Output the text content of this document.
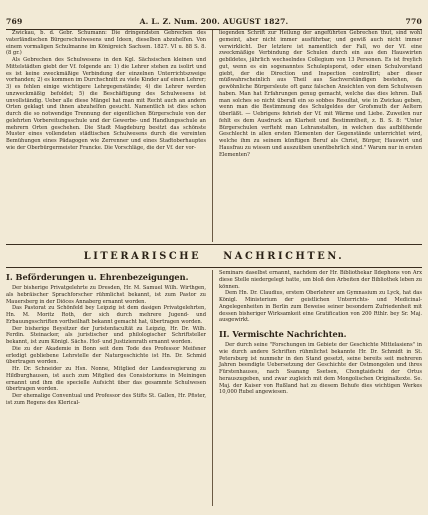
769	A. L. Z. Num. 200. AUGUST 1827.	770

Zwickau, b. d. Gebr. Schumann: Die dringendsten Gebrechen des vaterländischen Bürgerschulwesens und Ideen, dieselben abzuhelfen. Von einem vormaligen Schulmanne im Königreich Sachsen. 1827. VI u. 88 S. 8. (8 gr.)

Als Gebrechen des Schulwesens in den Kgl. Sächsischen kleinen und Mittelstädten giebt der Vf. folgende an: 1) die Lehrer stehen zu isolirt und es ist keine zweckmäßige Verbindung der einzelnen Unterrichtszweige vorhanden; 2) es kommen im Durchschnitt zu viele Kinder auf einen Lehrer; 3) es fehlen einige wichtigere Lehrgegenstände; 4) die Lehrer werden unzweckmäßig befoldet; 5) die Beschäftigung des Schulwesens ist unvollständig. Ueber alle diese Mängel hat man mit Recht auch an andern Orten geklagt und ihnen abzuhelfen gesucht. Namentlich ist dies schon durch die so notwendige Trennung der eigentlichen Bürgerschule von der gelehrten Vorbereitungsschule und der Gewerbe- und Handlungsschule an mehrern Orten geschehen. Die Stadt Magdeburg besitzt das schönste Muster eines vollendeten städtischen Schulwesens durch die vereinten Bemühungen eines Pädagogen wie Zerrenner und eines Stadtoberhauptes wie der Oberbürgermeister Francke. Die Vorschläge, die der Vf. der vor-

liegenden Schrift zur Heilung der angeführten Gebrechen thut, sind wohl gemeint, aber nicht immer ausführbar, und gewiß auch nicht immer verwirklicht. Der letztere ist namentlich der Fall, wo der Vf. eine zweckmäßige Verbindung der Schulen durch ein aus den Hauswirten gebildetes, jährlich wechselndes Collegium von 13 Personen. Es ist freylich gut, wenn es ein sogenanntes Schulepisporat, oder einen Schulvorstand giebt, der die Direction und Inspection controllirt; aber dieser müßwahrscheinlich aus Theil aus Sachverständigen bestehen, da gewöhnliche Bürgersleute oft ganz falschen Ansichten von dem Schulwesen haben. Man hat Erfahrungen genug gemacht, welche das dies lehren. Daß man solches so nicht überall ein so sobbes Resultat, wie in Zwickau geben, wenn man die Bestimmung des Schulgeldes der Grofsmuth der Aeltern überläßt. — Uebrigens fehrieb der Vf. mit Wärme und Liebe. Zuweilen nur fehlt es dem Ausdruck an Klarheit und Bestimmtheit, z. B. S. 8: "Unter Bürgerschulen verfteht man Lehranstalten, in welchen das aufblühende Geschlecht in allen ersten Elementen der Gegenstände unterrichtet wird, welche ihm zu seinem künftigen Beruf als Christ, Bürger, Hauswirt und Hausfrau zu wissen und auszuüben unentbehrlich sind." Warum nur in ersten Elementen?

LITERARISCHE NACHRICHTEN.
I. Beförderungen u. Ehrenbezeigungen.

Der bisherige Privatgelehrte zu Dresden, Hr. M. Samuel Wilh. Wirthgen, als hebräischer Sprachforscher rühmlichst bekannt, ist zum Pastor zu Mauersberg in der Diöces Annaberg ernannt worden.

Das Pastorat zu Schönfeld bey Leipzig ist dem dasigen Privatgelehrten, Hn. M. Moritz Roth, der sich durch mehrere Jugend- und Erbauungsschriften vortheilhaft bekannt gemacht hat, übertragen worden.

Der bisherige Beysitzer der Juristenfacultät zu Leipzig, Hr. Dr. Wilh. Ferdin. Steinacker, als juristischer und philologischer Schriftsteller bekannt, ist zum Königl. Sächs. Hof- und Justizienrath ernannt worden.

Die zu der Akademie in Bonn seit dem Tode des Professor Meifsner erledigt gebliebene Lehrstelle der Naturgeschichte ist Hn. Dr. Schmid übertragen worden.

Hr. Dr. Schneider zu Hsn. Nonne, Mitglied der Landesregierung zu Hildburghausen, ist auch zum Mitglied des Consistoriums in Meiningen ernannt und ihm die specielle Aufsicht über das gesammte Schulwesen übertragen worden.

Der ehemalige Conventual und Professor des Stifts St. Gallen, Hr. Pfister, ist zum Regens des Klerical-

Seminars daselbst ernannt, nachdem der Hr. Bibliothekar Ildephons von Arx diese Stelle niedergelegt hatte, um bloß den Arbeiten der Bibliothek leben zu können.

Dem Hn. Dr. Claudius, erstem Oberlehrer am Gymnasium zu Lyck, hat das Königl. Ministerium der geistlichen Unterrichts- und Medicinal-Angelegenheiten in Berlin zum Beweise seiner besondern Zufriedenheit mit dessen bisheriger Wirksamkeit eine Gratification von 200 Rthlr. bey Sr. Maj. ausgewirkt.

II. Vermischte Nachrichten.

Der durch seine "Forschungen im Gebiete der Geschichte Mittelasiens" in wie durch andere Schriften rühmlichst bekannte Hr. Dr. Schmidt in St. Petersburg ist nunmehr in den Stand gesetzt, seine bereits seit mehreren Jahren beendigte Uebersetzung der Geschichte der Ostmongolen und ihres Fürstenhauses, nach Ssanang Ssetsen, Chongtaidschi der Ortus herauszugeben, und zwar zugleich mit dem Mongolischen Originaltexte. Se. Maj. der Kaiser von Rußland hat zu diesem Behufe dies wichtigen Werkes 10,000 Rubel angewiesen.
